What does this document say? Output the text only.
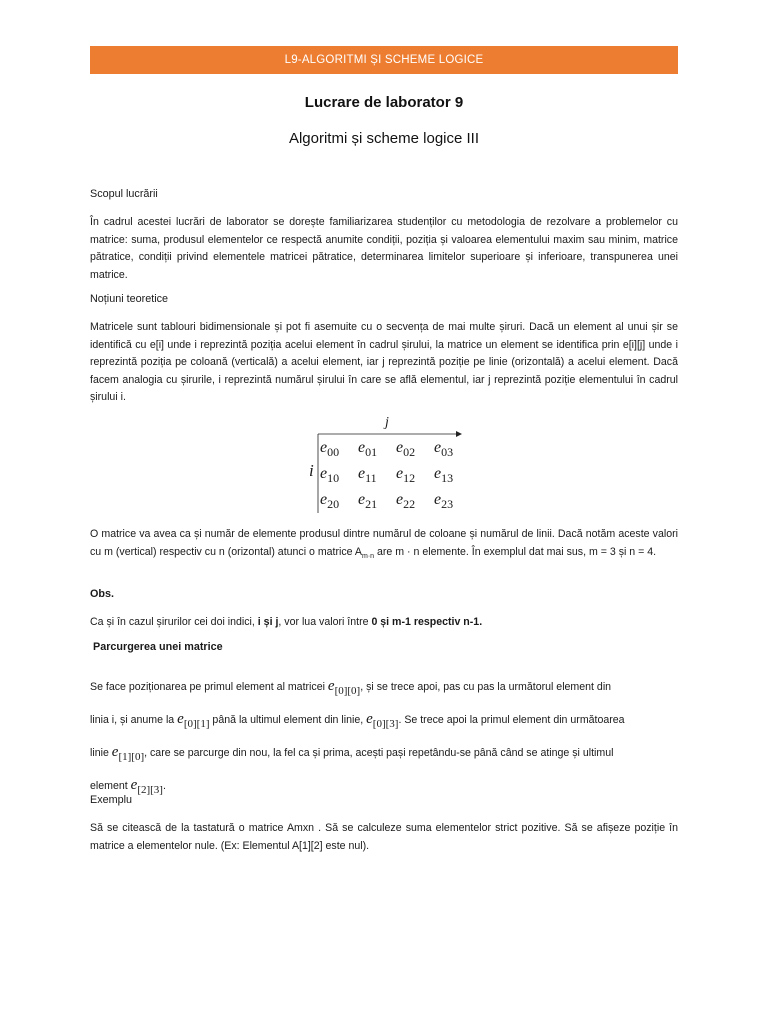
L9-ALGORITMI ȘI SCHEME LOGICE
Lucrare de laborator 9
Algoritmi și scheme logice III

Scopul lucrării

În cadrul acestei lucrări de laborator se dorește familiarizarea studenților cu metodologia de rezolvare a problemelor cu matrice: suma, produsul elementelor ce respectă anumite condiții, poziția și valoarea elementului maxim sau minim, matrice pătratice, condiții privind elementele matricei pătratice, determinarea limitelor superioare și inferioare, transpunerea unei matrice.

Noțiuni teoretice

Matricele sunt tablouri bidimensionale și pot fi asemuite cu o secvența de mai multe șiruri. Dacă un element al unui șir se identifică cu e[i] unde i reprezintă poziția acelui element în cadrul șirului, la matrice un element se identifica prin e[i][j] unde i reprezintă poziția pe coloană (verticală) a acelui element, iar j reprezintă poziție pe linie (orizontală) a acelui element. Dacă facem analogia cu șirurile, i reprezintă numărul șirului în care se află elementul, iar j reprezintă poziție elementului în cadrul șirului i.

j
i
$e_{00}$ $e_{01}$ $e_{02}$ $e_{03}$
$e_{10}$ $e_{11}$ $e_{12}$ $e_{13}$
$e_{20}$ $e_{21}$ $e_{22}$ $e_{23}$

O matrice va avea ca și număr de elemente produsul dintre numărul de coloane și numărul de linii. Dacă notăm aceste valori cu m (vertical) respectiv cu n (orizontal) atunci o matrice $A_{m\cdot n}$ are m · n elemente. În exemplul dat mai sus, m = 3 și n = 4.

Obs.

Ca și în cazul șirurilor cei doi indici, i și j, vor lua valori între 0 și m-1 respectiv n-1.

Parcurgerea unei matrice

Se face poziționarea pe primul element al matricei $e_{[0][0]}$, și se trece apoi, pas cu pas la următorul element din
linia i, și anume la $e_{[0][1]}$ până la ultimul element din linie, $e_{[0][3]}$. Se trece apoi la primul element din următoarea
linie $e_{[1][0]}$, care se parcurge din nou, la fel ca și prima, acești pași repetându-se până când se atinge și ultimul
element $e_{[2][3]}$.

Exemplu

Să se citească de la tastatură o matrice Amxn . Să se calculeze suma elementelor strict pozitive. Să se afișeze poziție în matrice a elementelor nule. (Ex: Elementul A[1][2] este nul).
